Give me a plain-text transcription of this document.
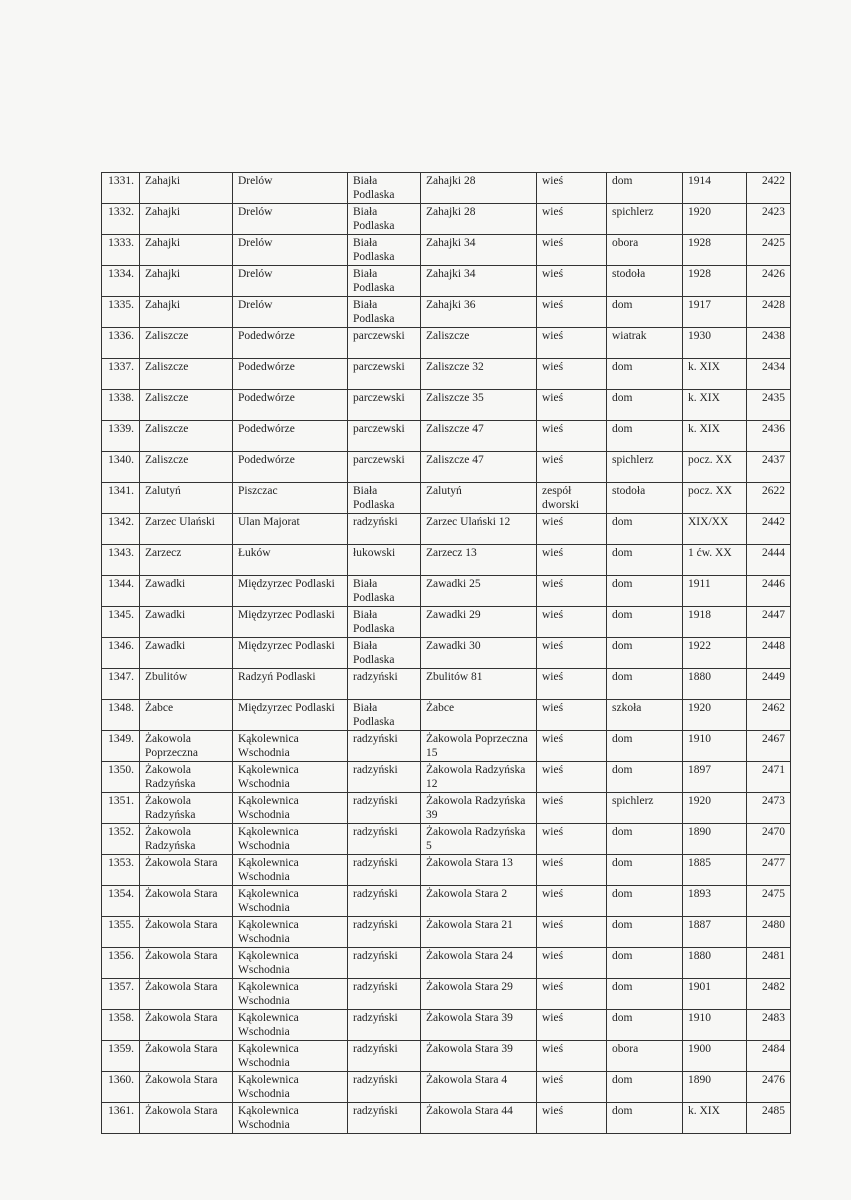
1331.	Zahajki	Drelów	Biała Podlaska	Zahajki 28	wieś	dom	1914	2422
1332.	Zahajki	Drelów	Biała Podlaska	Zahajki 28	wieś	spichlerz	1920	2423
1333.	Zahajki	Drelów	Biała Podlaska	Zahajki 34	wieś	obora	1928	2425
1334.	Zahajki	Drelów	Biała Podlaska	Zahajki 34	wieś	stodoła	1928	2426
1335.	Zahajki	Drelów	Biała Podlaska	Zahajki 36	wieś	dom	1917	2428
1336.	Zaliszcze	Podedwórze	parczewski	Zaliszcze	wieś	wiatrak	1930	2438
1337.	Zaliszcze	Podedwórze	parczewski	Zaliszcze 32	wieś	dom	k. XIX	2434
1338.	Zaliszcze	Podedwórze	parczewski	Zaliszcze 35	wieś	dom	k. XIX	2435
1339.	Zaliszcze	Podedwórze	parczewski	Zaliszcze 47	wieś	dom	k. XIX	2436
1340.	Zaliszcze	Podedwórze	parczewski	Zaliszcze 47	wieś	spichlerz	pocz. XX	2437
1341.	Zalutyń	Piszczac	Biała Podlaska	Zalutyń	zespół dworski	stodoła	pocz. XX	2622
1342.	Zarzec Ulański	Ulan Majorat	radzyński	Zarzec Ulański 12	wieś	dom	XIX/XX	2442
1343.	Zarzecz	Łuków	łukowski	Zarzecz 13	wieś	dom	1 ćw. XX	2444
1344.	Zawadki	Międzyrzec Podlaski	Biała Podlaska	Zawadki 25	wieś	dom	1911	2446
1345.	Zawadki	Międzyrzec Podlaski	Biała Podlaska	Zawadki 29	wieś	dom	1918	2447
1346.	Zawadki	Międzyrzec Podlaski	Biała Podlaska	Zawadki 30	wieś	dom	1922	2448
1347.	Zbulitów	Radzyń Podlaski	radzyński	Zbulitów 81	wieś	dom	1880	2449
1348.	Żabce	Międzyrzec Podlaski	Biała Podlaska	Żabce	wieś	szkoła	1920	2462
1349.	Żakowola Poprzeczna	Kąkolewnica Wschodnia	radzyński	Żakowola Poprzeczna 15	wieś	dom	1910	2467
1350.	Żakowola Radzyńska	Kąkolewnica Wschodnia	radzyński	Żakowola Radzyńska 12	wieś	dom	1897	2471
1351.	Żakowola Radzyńska	Kąkolewnica Wschodnia	radzyński	Żakowola Radzyńska 39	wieś	spichlerz	1920	2473
1352.	Żakowola Radzyńska	Kąkolewnica Wschodnia	radzyński	Żakowola Radzyńska 5	wieś	dom	1890	2470
1353.	Żakowola Stara	Kąkolewnica Wschodnia	radzyński	Żakowola Stara 13	wieś	dom	1885	2477
1354.	Żakowola Stara	Kąkolewnica Wschodnia	radzyński	Żakowola Stara 2	wieś	dom	1893	2475
1355.	Żakowola Stara	Kąkolewnica Wschodnia	radzyński	Żakowola Stara 21	wieś	dom	1887	2480
1356.	Żakowola Stara	Kąkolewnica Wschodnia	radzyński	Żakowola Stara 24	wieś	dom	1880	2481
1357.	Żakowola Stara	Kąkolewnica Wschodnia	radzyński	Żakowola Stara 29	wieś	dom	1901	2482
1358.	Żakowola Stara	Kąkolewnica Wschodnia	radzyński	Żakowola Stara 39	wieś	dom	1910	2483
1359.	Żakowola Stara	Kąkolewnica Wschodnia	radzyński	Żakowola Stara 39	wieś	obora	1900	2484
1360.	Żakowola Stara	Kąkolewnica Wschodnia	radzyński	Żakowola Stara 4	wieś	dom	1890	2476
1361.	Żakowola Stara	Kąkolewnica Wschodnia	radzyński	Żakowola Stara 44	wieś	dom	k. XIX	2485
